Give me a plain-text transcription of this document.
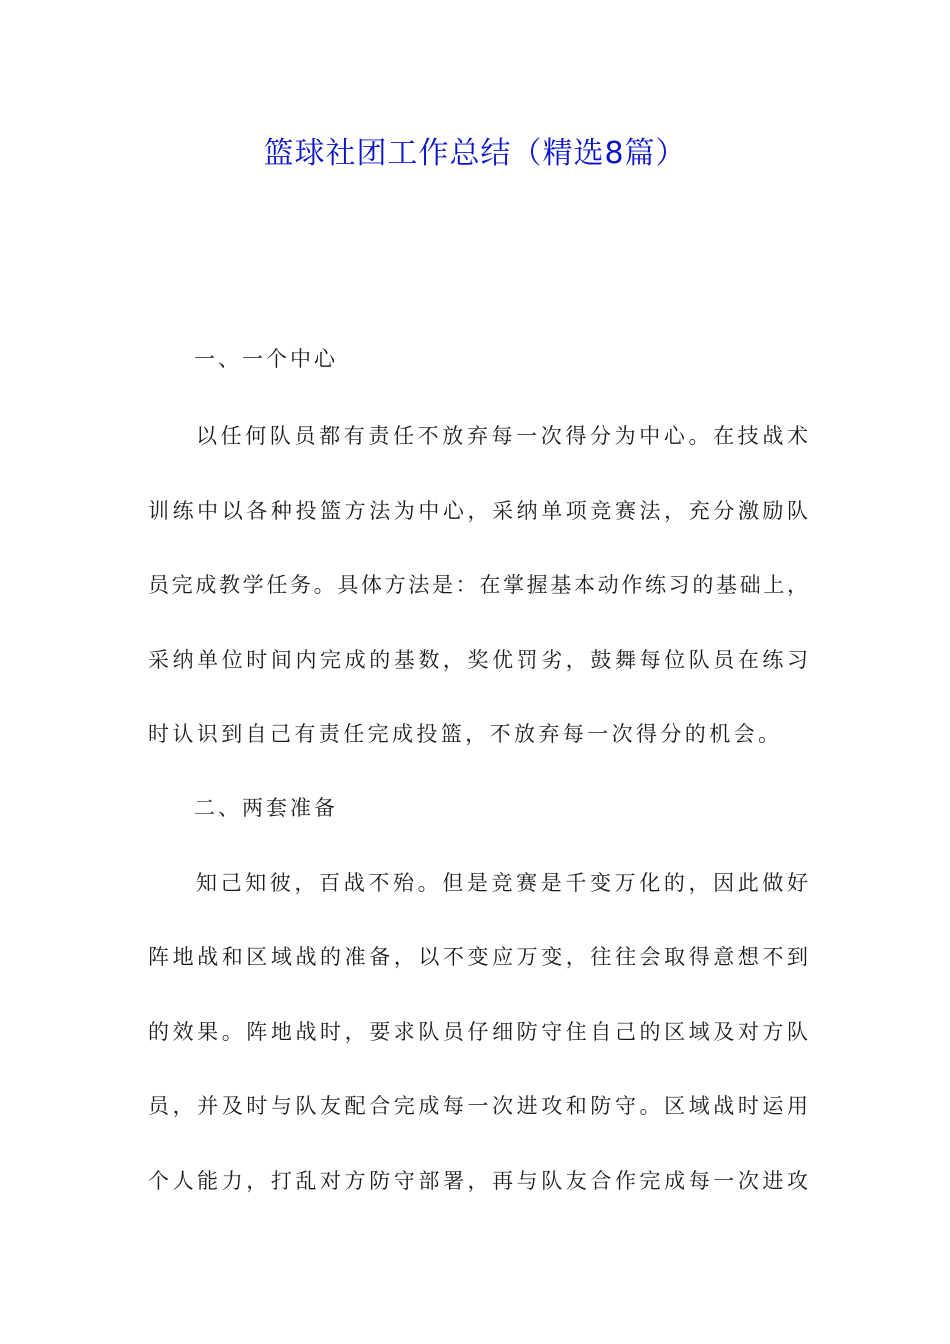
篮球社团工作总结（精选8篇）
一、一个中心
以任何队员都有责任不放弃每一次得分为中心。在技战术
训练中以各种投篮方法为中心，采纳单项竞赛法，充分激励队
员完成教学任务。具体方法是：在掌握基本动作练习的基础上，
采纳单位时间内完成的基数，奖优罚劣，鼓舞每位队员在练习
时认识到自己有责任完成投篮，不放弃每一次得分的机会。
二、两套准备
知己知彼，百战不殆。但是竞赛是千变万化的，因此做好
阵地战和区域战的准备，以不变应万变，往往会取得意想不到
的效果。阵地战时，要求队员仔细防守住自己的区域及对方队
员，并及时与队友配合完成每一次进攻和防守。区域战时运用
个人能力，打乱对方防守部署，再与队友合作完成每一次进攻
